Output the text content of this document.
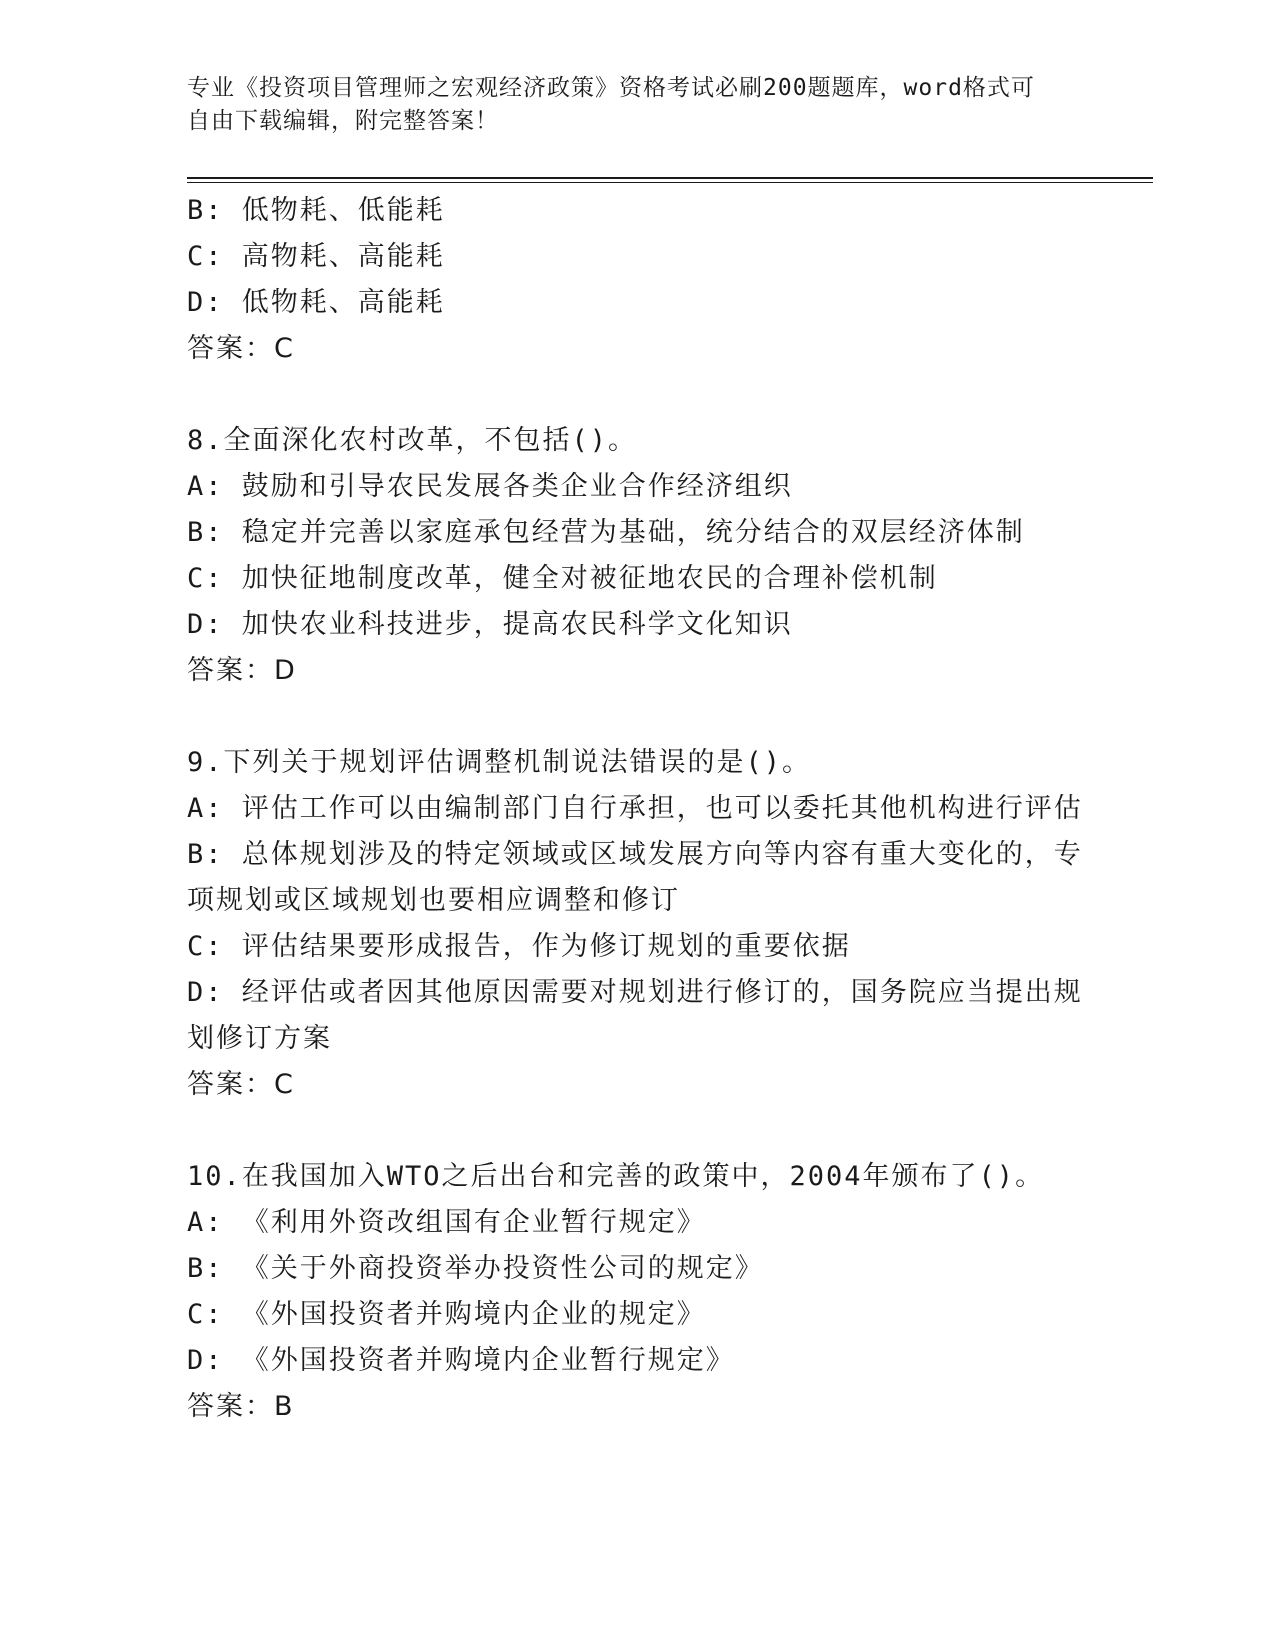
专业《投资项目管理师之宏观经济政策》资格考试必刷200题题库，word格式可
自由下载编辑，附完整答案！

B: 低物耗、低能耗

C: 高物耗、高能耗

D: 低物耗、高能耗

答案：C

8.全面深化农村改革，不包括()。

A: 鼓励和引导农民发展各类企业合作经济组织

B: 稳定并完善以家庭承包经营为基础，统分结合的双层经济体制

C: 加快征地制度改革，健全对被征地农民的合理补偿机制

D: 加快农业科技进步，提高农民科学文化知识

答案：D

9.下列关于规划评估调整机制说法错误的是()。

A: 评估工作可以由编制部门自行承担，也可以委托其他机构进行评估

B: 总体规划涉及的特定领域或区域发展方向等内容有重大变化的，专项规划或区域规划也要相应调整和修订

C: 评估结果要形成报告，作为修订规划的重要依据

D: 经评估或者因其他原因需要对规划进行修订的，国务院应当提出规划修订方案

答案：C

10.在我国加入WTO之后出台和完善的政策中，2004年颁布了()。

A: 《利用外资改组国有企业暂行规定》

B: 《关于外商投资举办投资性公司的规定》

C: 《外国投资者并购境内企业的规定》

D: 《外国投资者并购境内企业暂行规定》

答案：B
